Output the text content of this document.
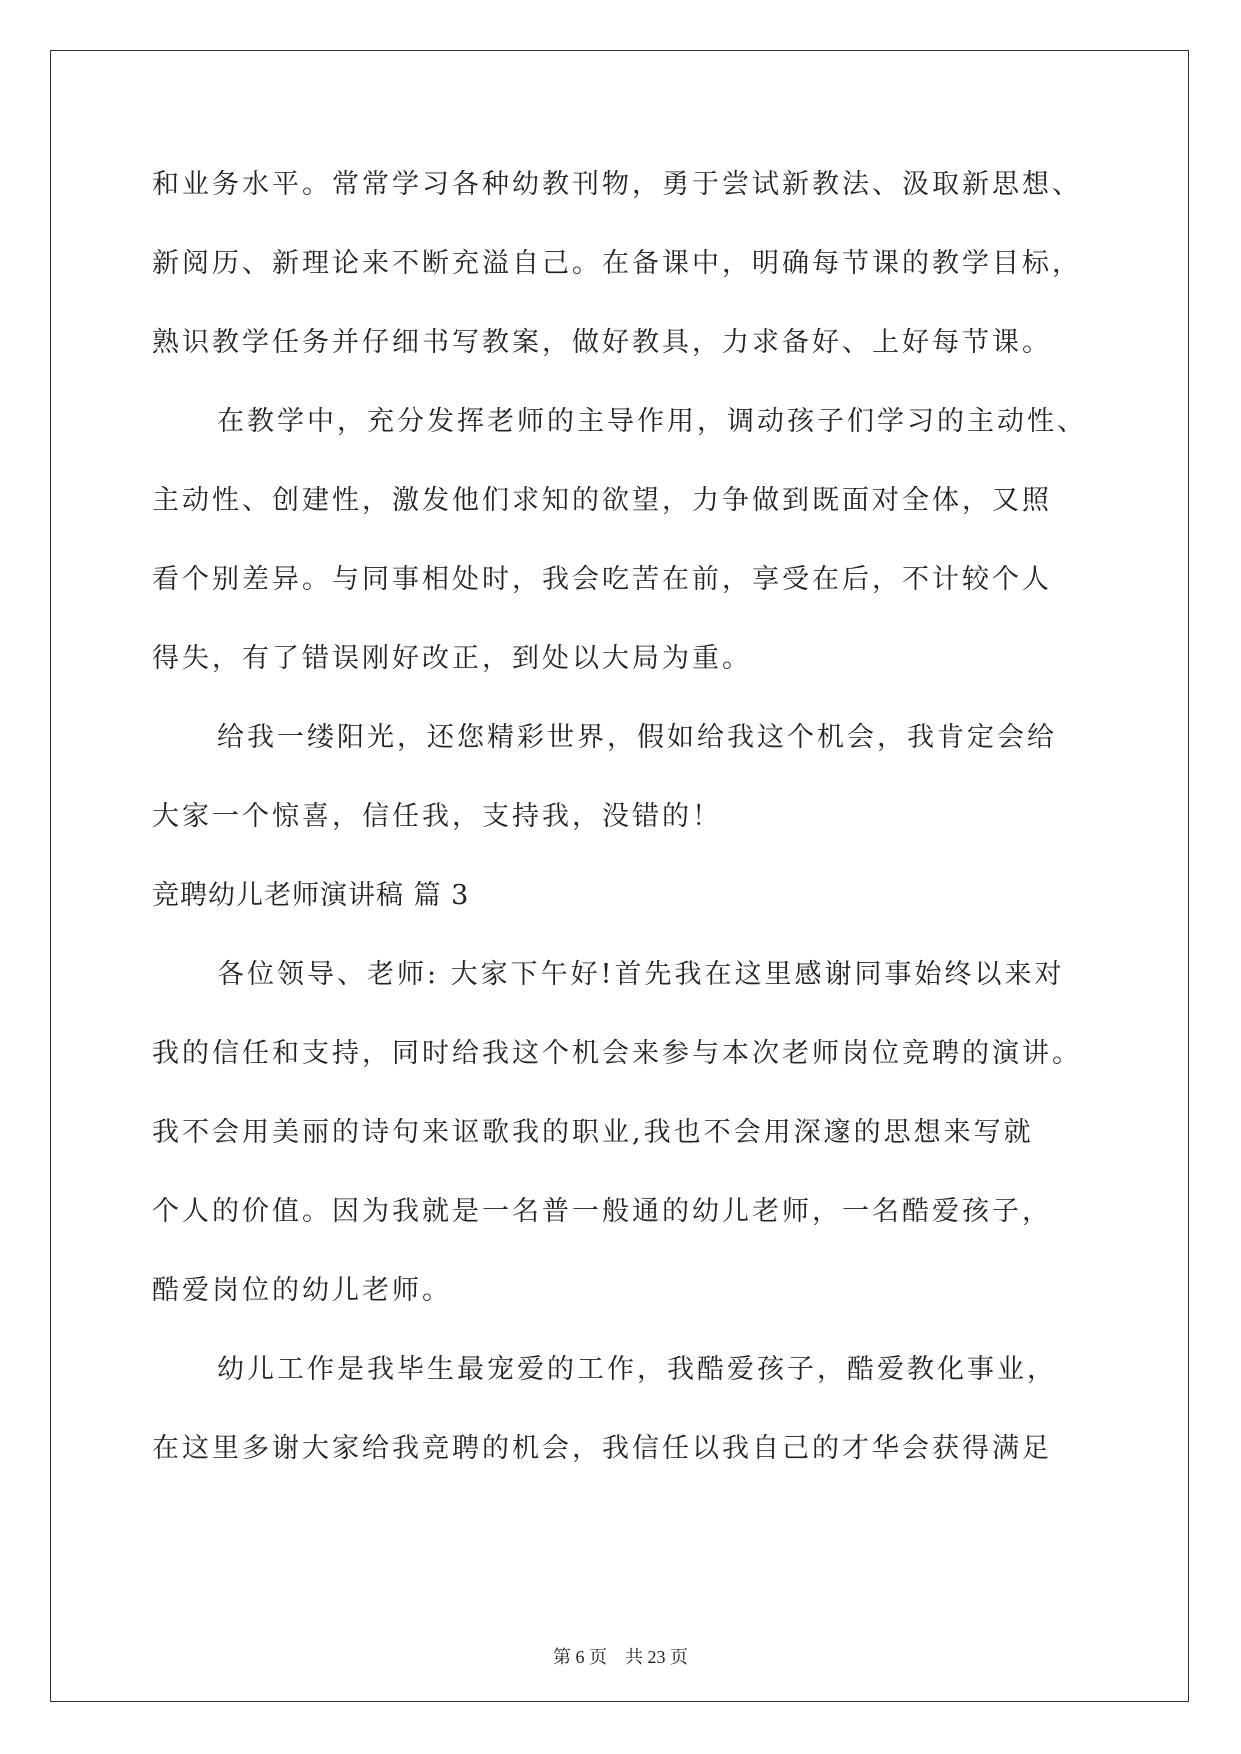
和业务水平。常常学习各种幼教刊物，勇于尝试新教法、汲取新思想、
新阅历、新理论来不断充溢自己。在备课中，明确每节课的教学目标，
熟识教学任务并仔细书写教案，做好教具，力求备好、上好每节课。
在教学中，充分发挥老师的主导作用，调动孩子们学习的主动性、
主动性、创建性，激发他们求知的欲望，力争做到既面对全体，又照
看个别差异。与同事相处时，我会吃苦在前，享受在后，不计较个人
得失，有了错误刚好改正，到处以大局为重。
给我一缕阳光，还您精彩世界，假如给我这个机会，我肯定会给
大家一个惊喜，信任我，支持我，没错的！
竞聘幼儿老师演讲稿 篇 3
各位领导、老师: 大家下午好!首先我在这里感谢同事始终以来对
我的信任和支持，同时给我这个机会来参与本次老师岗位竞聘的演讲。
我不会用美丽的诗句来讴歌我的职业,我也不会用深邃的思想来写就
个人的价值。因为我就是一名普一般通的幼儿老师，一名酷爱孩子，
酷爱岗位的幼儿老师。
幼儿工作是我毕生最宠爱的工作，我酷爱孩子，酷爱教化事业，
在这里多谢大家给我竞聘的机会，我信任以我自己的才华会获得满足
第 6 页 共 23 页
